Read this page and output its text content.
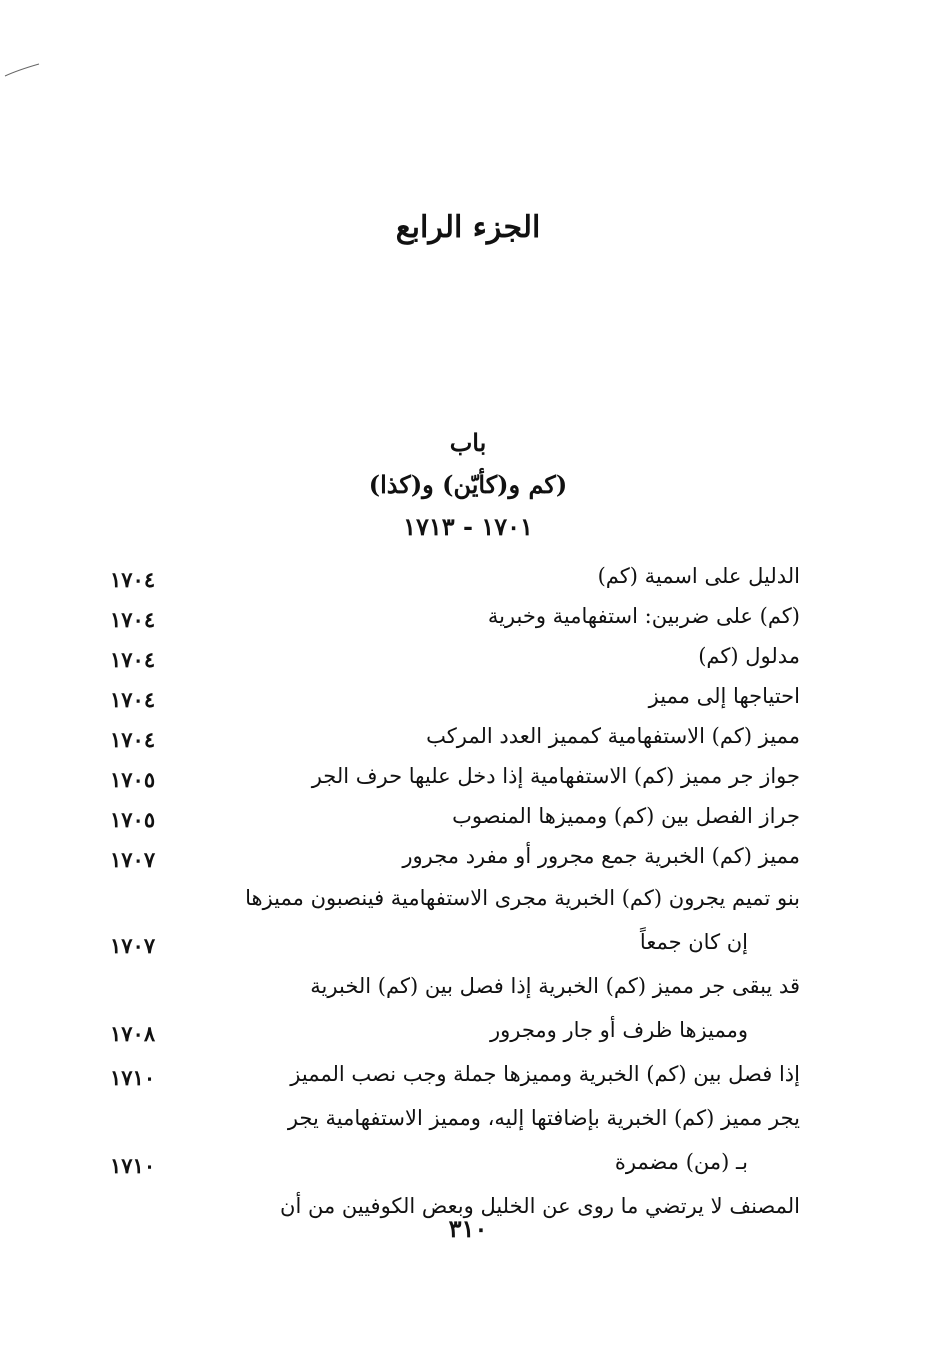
الجزء الرابع
باب
(كم و(كأيّن) و(كذا)
١٧٠١ - ١٧١٣
الدليل على اسمية (كم)
١٧٠٤
(كم) على ضربين: استفهامية وخبرية
١٧٠٤
مدلول (كم)
١٧٠٤
احتياجها إلى مميز
١٧٠٤
مميز (كم) الاستفهامية كمميز العدد المركب
١٧٠٤
جواز جر مميز (كم) الاستفهامية إذا دخل عليها حرف الجر
١٧٠٥
جراز الفصل بين (كم) ومميزها المنصوب
١٧٠٥
مميز (كم) الخبرية جمع مجرور أو مفرد مجرور
١٧٠٧
بنو تميم يجرون (كم) الخبرية مجرى الاستفهامية فينصبون مميزها
إن كان جمعاً
١٧٠٧
قد يبقى جر مميز (كم) الخبرية إذا فصل بين (كم) الخبرية
ومميزها ظرف أو جار ومجرور
١٧٠٨
إذا فصل بين (كم) الخبرية ومميزها جملة وجب نصب المميز
١٧١٠
يجر مميز (كم) الخبرية بإضافتها إليه، ومميز الاستفهامية يجر
بـ (من) مضمرة
١٧١٠
المصنف لا يرتضي ما روى عن الخليل وبعض الكوفيين من أن
٣١٠
